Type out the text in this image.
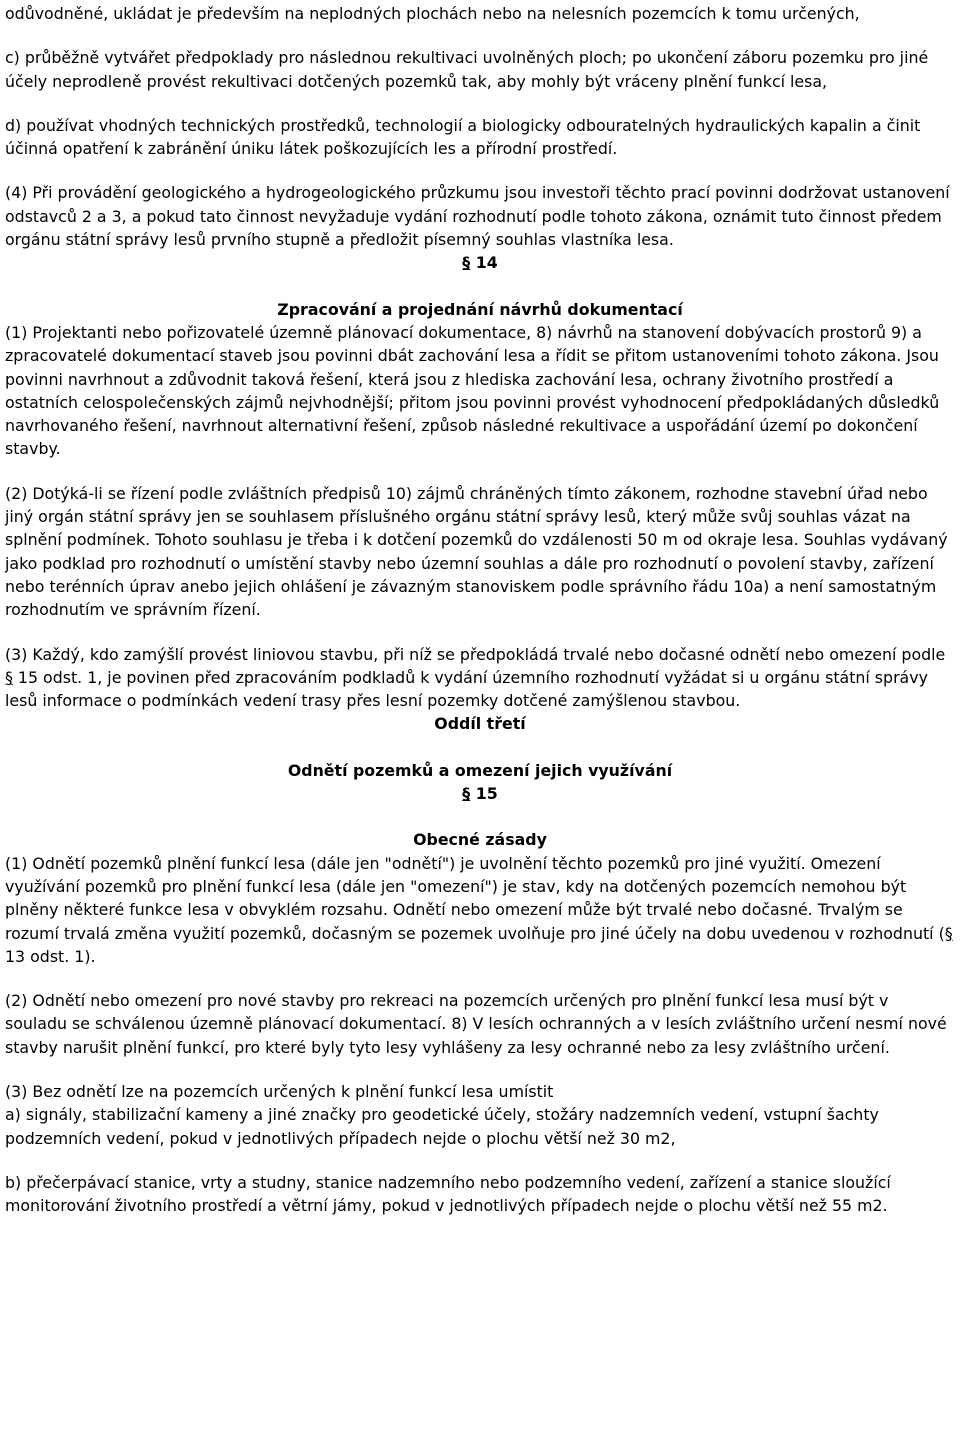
odůvodněné, ukládat je především na neplodných plochách nebo na nelesních pozemcích k tomu určených,

c) průběžně vytvářet předpoklady pro následnou rekultivaci uvolněných ploch; po ukončení záboru pozemku pro jiné účely neprodleně provést rekultivaci dotčených pozemků tak, aby mohly být vráceny plnění funkcí lesa,

d) používat vhodných technických prostředků, technologií a biologicky odbouratelných hydraulických kapalin a činit účinná opatření k zabránění úniku látek poškozujících les a přírodní prostředí.

(4) Při provádění geologického a hydrogeologického průzkumu jsou investoři těchto prací povinni dodržovat ustanovení odstavců 2 a 3, a pokud tato činnost nevyžaduje vydání rozhodnutí podle tohoto zákona, oznámit tuto činnost předem orgánu státní správy lesů prvního stupně a předložit písemný souhlas vlastníka lesa.

§ 14

Zpracování a projednání návrhů dokumentací

(1) Projektanti nebo pořizovatelé územně plánovací dokumentace, 8) návrhů na stanovení dobývacích prostorů 9) a zpracovatelé dokumentací staveb jsou povinni dbát zachování lesa a řídit se přitom ustanoveními tohoto zákona. Jsou povinni navrhnout a zdůvodnit taková řešení, která jsou z hlediska zachování lesa, ochrany životního prostředí a ostatních celospolečenských zájmů nejvhodnější; přitom jsou povinni provést vyhodnocení předpokládaných důsledků navrhovaného řešení, navrhnout alternativní řešení, způsob následné rekultivace a uspořádání území po dokončení stavby.

(2) Dotýká-li se řízení podle zvláštních předpisů 10) zájmů chráněných tímto zákonem, rozhodne stavební úřad nebo jiný orgán státní správy jen se souhlasem příslušného orgánu státní správy lesů, který může svůj souhlas vázat na splnění podmínek. Tohoto souhlasu je třeba i k dotčení pozemků do vzdálenosti 50 m od okraje lesa. Souhlas vydávaný jako podklad pro rozhodnutí o umístění stavby nebo územní souhlas a dále pro rozhodnutí o povolení stavby, zařízení nebo terénních úprav anebo jejich ohlášení je závazným stanoviskem podle správního řádu 10a) a není samostatným rozhodnutím ve správním řízení.

(3) Každý, kdo zamýšlí provést liniovou stavbu, při níž se předpokládá trvalé nebo dočasné odnětí nebo omezení podle § 15 odst. 1, je povinen před zpracováním podkladů k vydání územního rozhodnutí vyžádat si u orgánu státní správy lesů informace o podmínkách vedení trasy přes lesní pozemky dotčené zamýšlenou stavbou.

Oddíl třetí

Odnětí pozemků a omezení jejich využívání

§ 15

Obecné zásady

(1) Odnětí pozemků plnění funkcí lesa (dále jen "odnětí") je uvolnění těchto pozemků pro jiné využití. Omezení využívání pozemků pro plnění funkcí lesa (dále jen "omezení") je stav, kdy na dotčených pozemcích nemohou být plněny některé funkce lesa v obvyklém rozsahu. Odnětí nebo omezení může být trvalé nebo dočasné. Trvalým se rozumí trvalá změna využití pozemků, dočasným se pozemek uvolňuje pro jiné účely na dobu uvedenou v rozhodnutí (§ 13 odst. 1).

(2) Odnětí nebo omezení pro nové stavby pro rekreaci na pozemcích určených pro plnění funkcí lesa musí být v souladu se schválenou územně plánovací dokumentací. 8) V lesích ochranných a v lesích zvláštního určení nesmí nové stavby narušit plnění funkcí, pro které byly tyto lesy vyhlášeny za lesy ochranné nebo za lesy zvláštního určení.

(3) Bez odnětí lze na pozemcích určených k plnění funkcí lesa umístit

a) signály, stabilizační kameny a jiné značky pro geodetické účely, stožáry nadzemních vedení, vstupní šachty podzemních vedení, pokud v jednotlivých případech nejde o plochu větší než 30 m2,

b) přečerpávací stanice, vrty a studny, stanice nadzemního nebo podzemního vedení, zařízení a stanice sloužící monitorování životního prostředí a větrní jámy, pokud v jednotlivých případech nejde o plochu větší než 55 m2.
